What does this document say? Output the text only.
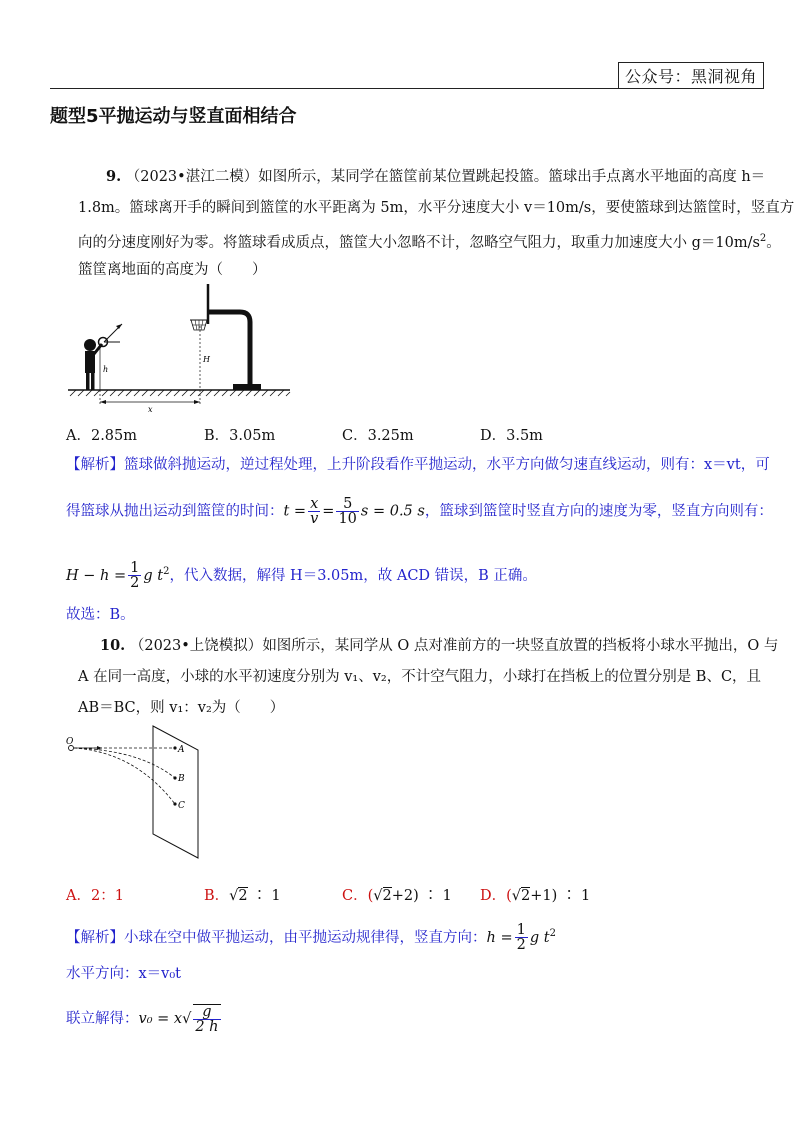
公众号：黑洞视角
题型5平抛运动与竖直面相结合
9. （2023•湛江二模）如图所示，某同学在篮筐前某位置跳起投篮。篮球出手点离水平地面的高度 h＝
1.8m。篮球离开手的瞬间到篮筐的水平距离为 5m，水平分速度大小 v＝10m/s，要使篮球到达篮筐时，竖直方
向的分速度刚好为零。将篮球看成质点，篮筐大小忽略不计，忽略空气阻力，取重力加速度大小 $g=10m/s^2$。
篮筐离地面的高度为（　　）
h
x
H
A．2.85m	B．3.05m	C．3.25m	D．3.5m
【解析】篮球做斜抛运动，逆过程处理，上升阶段看作平抛运动，水平方向做匀速直线运动，则有：x＝vt，可
得篮球从抛出运动到篮筐的时间：$t = \frac{x}{v} = \frac{5}{10}$ s = 0.5 s，篮球到篮筐时竖直方向的速度为零，竖直方向则有：
$H - h = \frac{1}{2}$ g $t^2$，代入数据，解得 H＝3.05m，故 ACD 错误，B 正确。
故选：B。
10. （2023•上饶模拟）如图所示，某同学从 O 点对准前方的一块竖直放置的挡板将小球水平抛出，O 与
A 在同一高度，小球的水平初速度分别为 v₁、v₂，不计空气阻力，小球打在挡板上的位置分别是 B、C，且
AB＝BC，则 v₁：v₂为（　　）
O
A
B
C
A．2：1	B．√2 ∶ 1	C．(√2+2) ∶ 1 D．(√2+1) ∶ 1
【解析】小球在空中做平抛运动，由平抛运动规律得，竖直方向：$h = \frac{1}{2}$ g $t^2$
水平方向：x＝v₀t
联立解得：$v_0 = x√ \frac{g}{2 h}$
